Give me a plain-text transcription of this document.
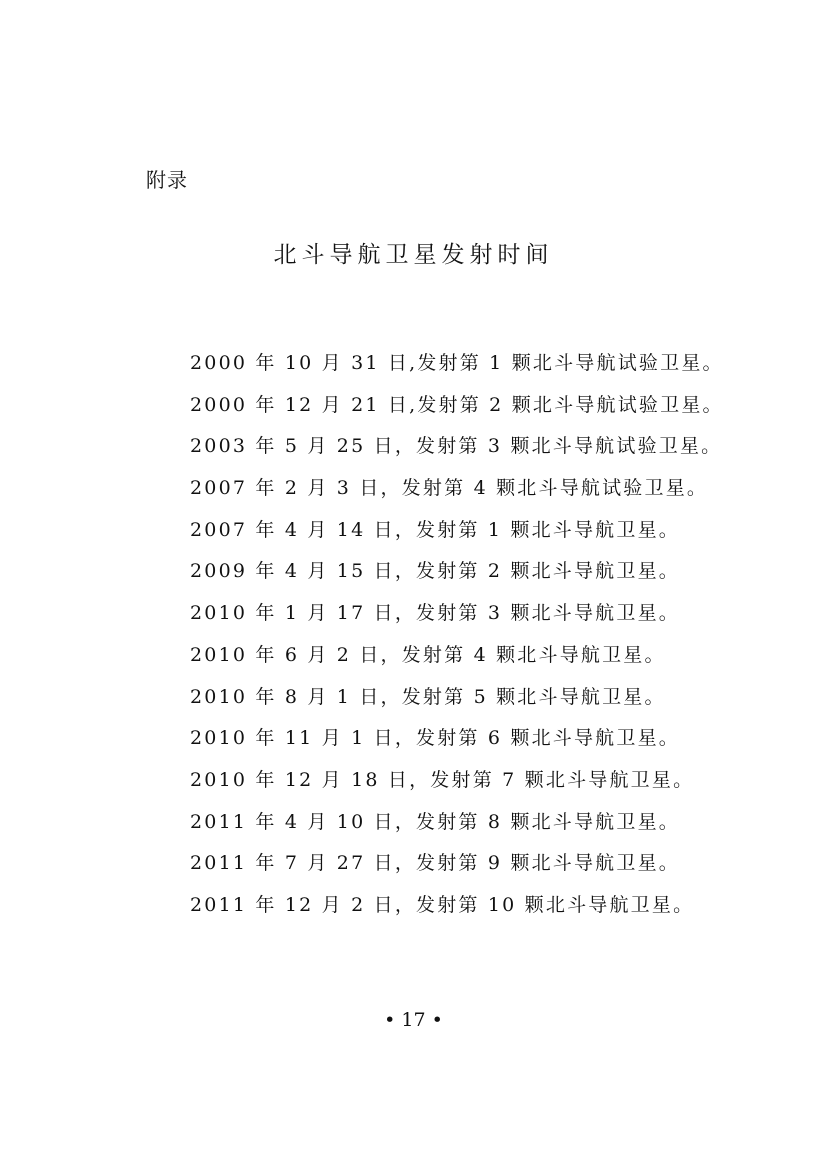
附录

北斗导航卫星发射时间
2000 年 10 月 31 日,发射第 1 颗北斗导航试验卫星。
2000 年 12 月 21 日,发射第 2 颗北斗导航试验卫星。
2003 年 5 月 25 日，发射第 3 颗北斗导航试验卫星。
2007 年 2 月 3 日，发射第 4 颗北斗导航试验卫星。
2007 年 4 月 14 日，发射第 1 颗北斗导航卫星。
2009 年 4 月 15 日，发射第 2 颗北斗导航卫星。
2010 年 1 月 17 日，发射第 3 颗北斗导航卫星。
2010 年 6 月 2 日，发射第 4 颗北斗导航卫星。
2010 年 8 月 1 日，发射第 5 颗北斗导航卫星。
2010 年 11 月 1 日，发射第 6 颗北斗导航卫星。
2010 年 12 月 18 日，发射第 7 颗北斗导航卫星。
2011 年 4 月 10 日，发射第 8 颗北斗导航卫星。
2011 年 7 月 27 日，发射第 9 颗北斗导航卫星。
2011 年 12 月 2 日，发射第 10 颗北斗导航卫星。

• 17 •
